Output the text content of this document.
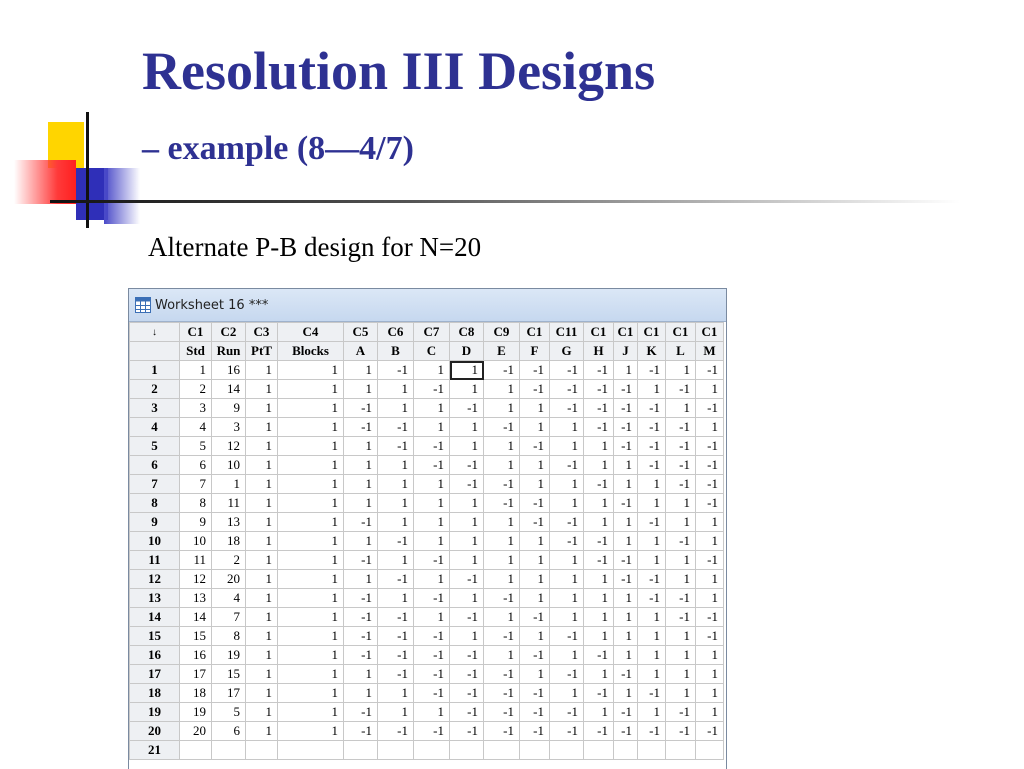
Resolution III Designs
– example (8—4/7)
Alternate P-B design for N=20
Worksheet 16 ***
↓	C1	C2	C3	C4	C5	C6	C7	C8	C9	C1	C11	C1	C1	C1	C1	C1
	Std	Run	PtT	Blocks	A	B	C	D	E	F	G	H	J	K	L	M
1	1	16	1	1	1	-1	1	1	-1	-1	-1	-1	1	-1	1	-1
2	2	14	1	1	1	1	-1	1	1	-1	-1	-1	-1	1	-1	1
3	3	9	1	1	-1	1	1	-1	1	1	-1	-1	-1	-1	1	-1
4	4	3	1	1	-1	-1	1	1	-1	1	1	-1	-1	-1	-1	1
5	5	12	1	1	1	-1	-1	1	1	-1	1	1	-1	-1	-1	-1
6	6	10	1	1	1	1	-1	-1	1	1	-1	1	1	-1	-1	-1
7	7	1	1	1	1	1	1	-1	-1	1	1	-1	1	1	-1	-1
8	8	11	1	1	1	1	1	1	-1	-1	1	1	-1	1	1	-1
9	9	13	1	1	-1	1	1	1	1	-1	-1	1	1	-1	1	1
10	10	18	1	1	1	-1	1	1	1	1	-1	-1	1	1	-1	1
11	11	2	1	1	-1	1	-1	1	1	1	1	-1	-1	1	1	-1
12	12	20	1	1	1	-1	1	-1	1	1	1	1	-1	-1	1	1
13	13	4	1	1	-1	1	-1	1	-1	1	1	1	1	-1	-1	1
14	14	7	1	1	-1	-1	1	-1	1	-1	1	1	1	1	-1	-1
15	15	8	1	1	-1	-1	-1	1	-1	1	-1	1	1	1	1	-1
16	16	19	1	1	-1	-1	-1	-1	1	-1	1	-1	1	1	1	1
17	17	15	1	1	1	-1	-1	-1	-1	1	-1	1	-1	1	1	1
18	18	17	1	1	1	1	-1	-1	-1	-1	1	-1	1	-1	1	1
19	19	5	1	1	-1	1	1	-1	-1	-1	-1	1	-1	1	-1	1
20	20	6	1	1	-1	-1	-1	-1	-1	-1	-1	-1	-1	-1	-1	-1
21																
